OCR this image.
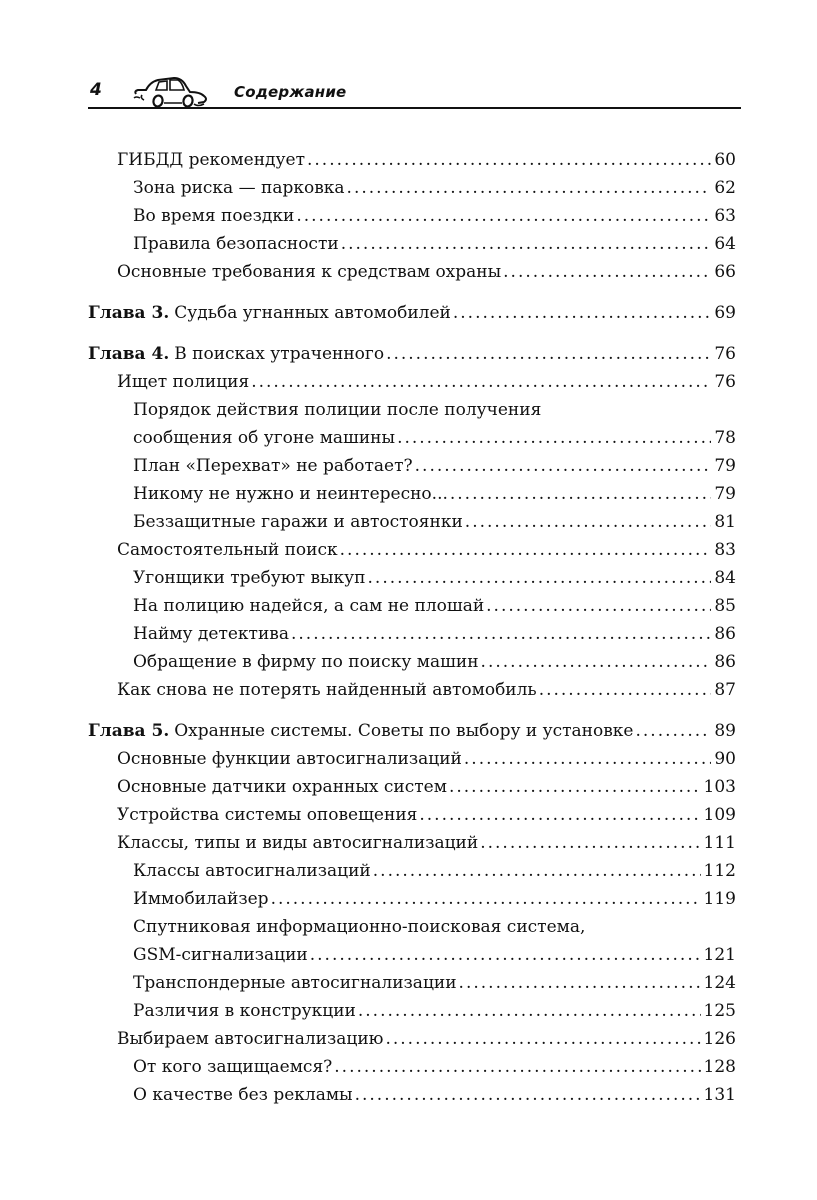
4	Содержание
ГИБДД рекомендует .....	60
Зона риска — парковка .....	62
Во время поездки .....	63
Правила безопасности .....	64
Основные требования к средствам охраны .....	66
Глава 3. Судьба угнанных автомобилей .....	69
Глава 4. В поисках утраченного .....	76
Ищет полиция .....	76
Порядок действия полиции после получения
сообщения об угоне машины .....	78
План «Перехват» не работает? .....	79
Никому не нужно и неинтересно... .....	79
Беззащитные гаражи и автостоянки .....	81
Самостоятельный поиск .....	83
Угонщики требуют выкуп .....	84
На полицию надейся, а сам не плошай .....	85
Найму детектива .....	86
Обращение в фирму по поиску машин .....	86
Как снова не потерять найденный автомобиль .....	87
Глава 5. Охранные системы. Советы по выбору и установке .....	89
Основные функции автосигнализаций .....	90
Основные датчики охранных систем .....	103
Устройства системы оповещения .....	109
Классы, типы и виды автосигнализаций .....	111
Классы автосигнализаций .....	112
Иммобилайзер .....	119
Спутниковая информационно-поисковая система,
GSM-сигнализации .....	121
Транспондерные автосигнализации .....	124
Различия в конструкции .....	125
Выбираем автосигнализацию .....	126
От кого защищаемся? .....	128
О качестве без рекламы .....	131
